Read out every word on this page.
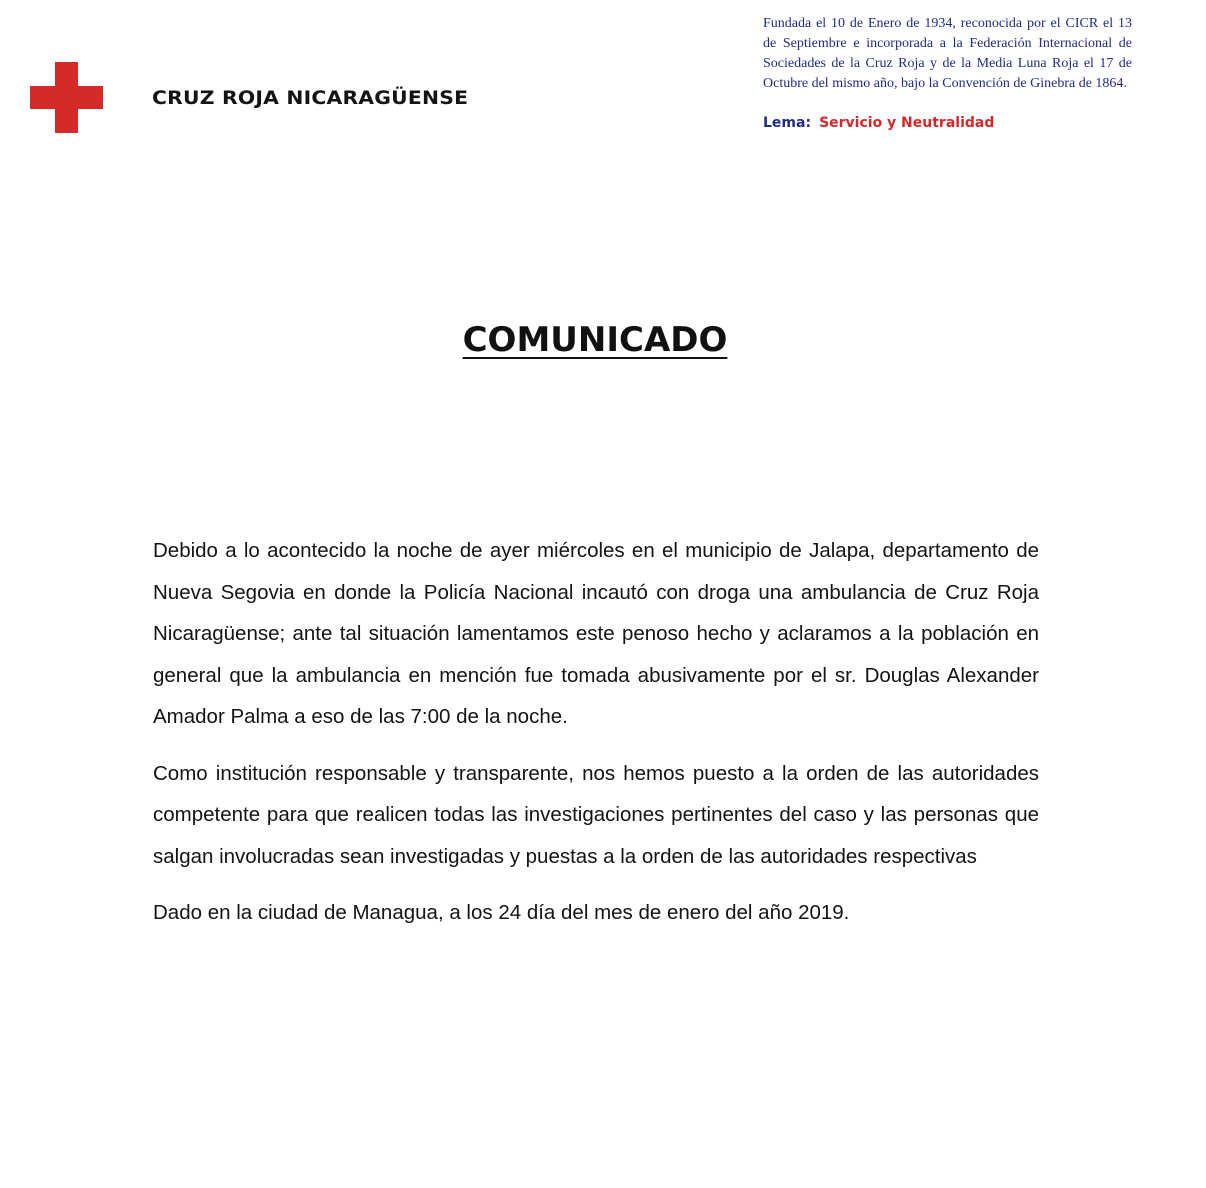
CRUZ ROJA NICARAGÜENSE

Fundada el 10 de Enero de 1934, reconocida por el CICR el 13 de Septiembre e incorporada a la Federación Internacional de Sociedades de la Cruz Roja y de la Media Luna Roja el 17 de Octubre del mismo año, bajo la Convención de Ginebra de 1864.

Lema: Servicio y Neutralidad
COMUNICADO

Debido a lo acontecido la noche de ayer miércoles en el municipio de Jalapa, departamento de Nueva Segovia en donde la Policía Nacional incautó con droga una ambulancia de Cruz Roja Nicaragüense; ante tal situación lamentamos este penoso hecho y aclaramos a la población en general que la ambulancia en mención fue tomada abusivamente por el sr. Douglas Alexander Amador Palma a eso de las 7:00 de la noche.

Como institución responsable y transparente, nos hemos puesto a la orden de las autoridades competente para que realicen todas las investigaciones pertinentes del caso y las personas que salgan involucradas sean investigadas y puestas a la orden de las autoridades respectivas

Dado en la ciudad de Managua, a los 24 día del mes de enero del año 2019.
